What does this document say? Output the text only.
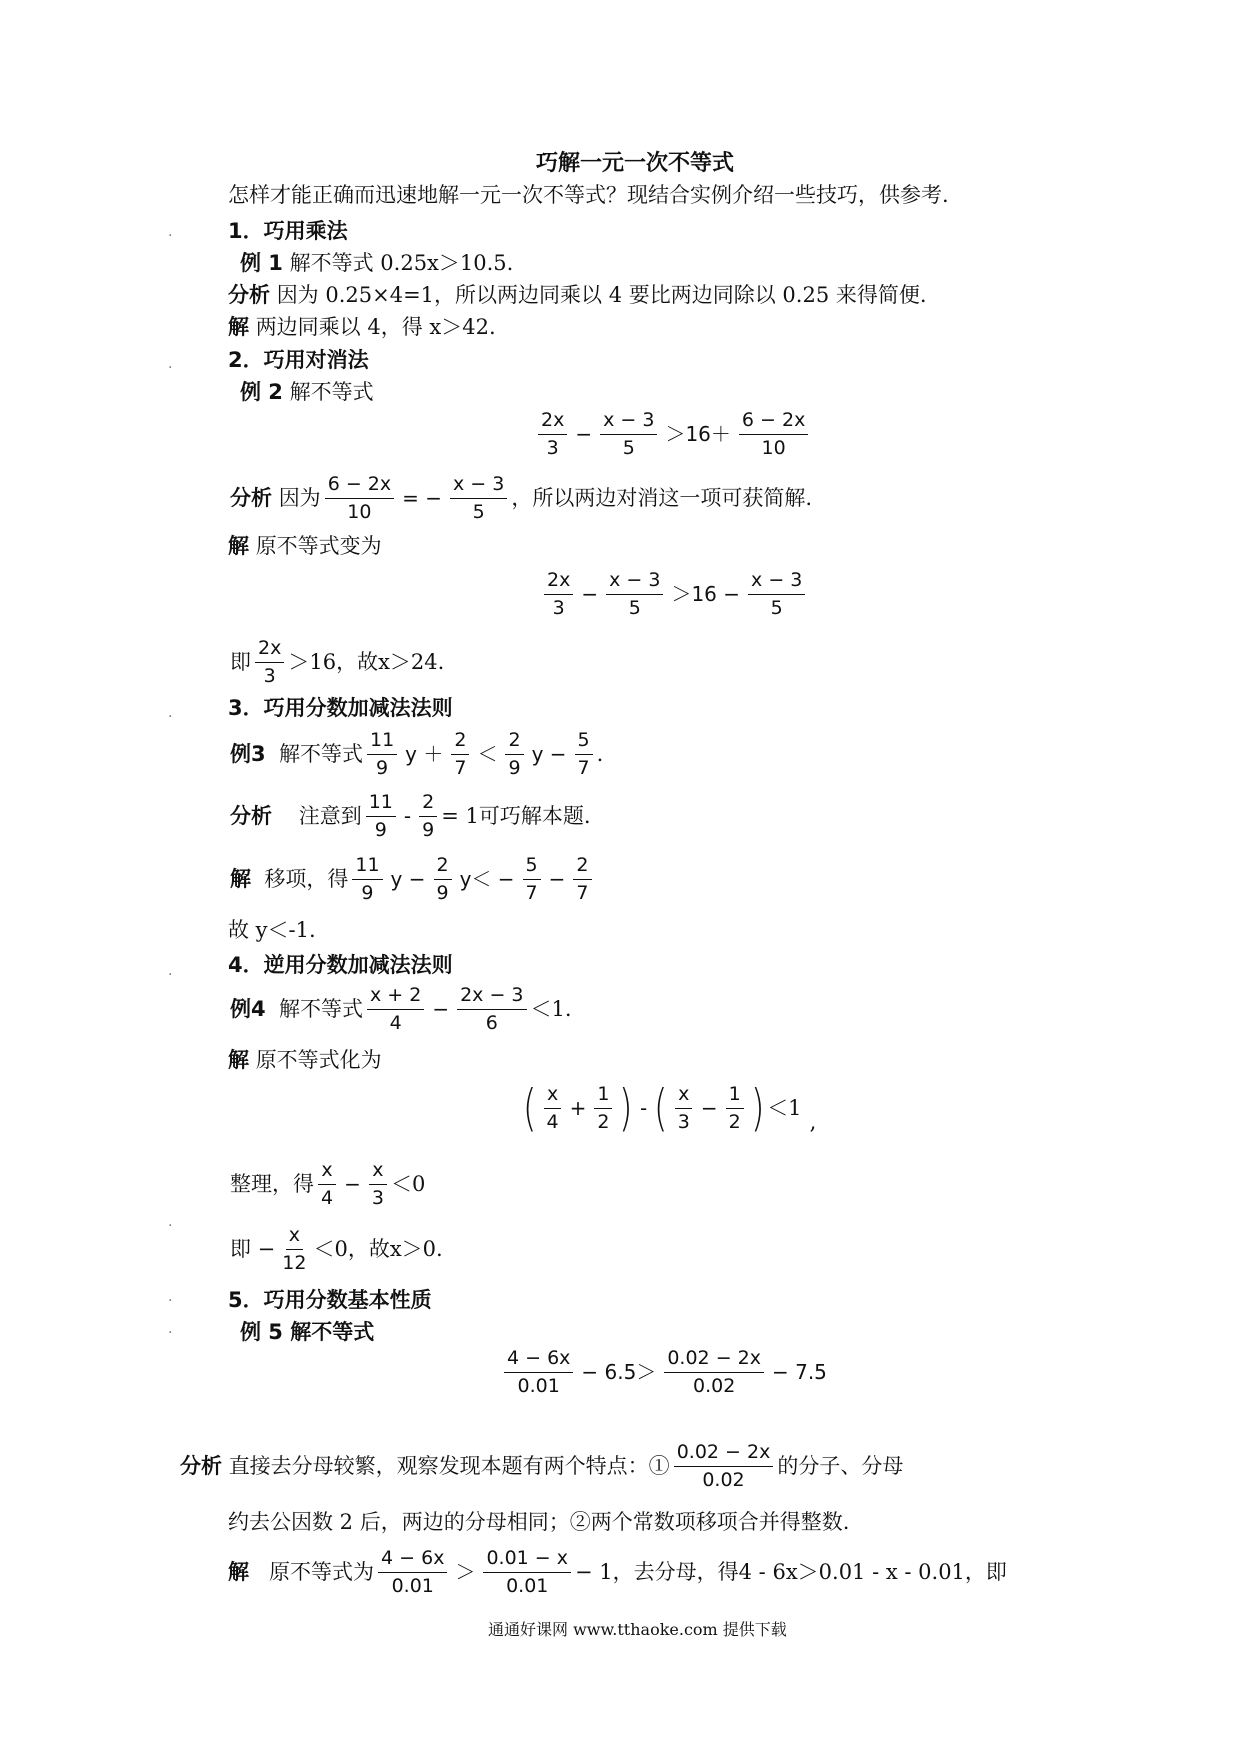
巧解一元一次不等式
怎样才能正确而迅速地解一元一次不等式？现结合实例介绍一些技巧，供参考.
.	1．巧用乘法
例 1 解不等式 0.25x＞10.5.
分析 因为 0.25×4=1，所以两边同乘以 4 要比两边同除以 0.25 来得简便.
解 两边同乘以 4，得 x＞42.
.	2．巧用对消法
例 2 解不等式
$\frac{2x}{3} - \frac{x - 3}{5} >16+ \frac{6 - 2x}{10}$
分析
因为 $\frac{6 - 2x}{10}$ = − $\frac{x - 3}{5}$ ，所以两边对消这一项可获简解.
解 原不等式变为
$\frac{2x}{3} - \frac{x - 3}{5} >16 - \frac{x - 3}{5}$
即 $\frac{2x}{3} >16$，故x＞24.
.	3．巧用分数加减法法则
例3
解不等式 $\frac{11}{9}$ $y + \frac{2}{7} < \frac{2}{9}$ $y - \frac{5}{7}$ .
分析
注意到 $\frac{11}{9} - \frac{2}{9} = 1$可巧解本题.
解
移项，得 $\frac{11}{9}$ $y - \frac{2}{9} y< - \frac{5}{7} - \frac{2}{7}$
故 y＜-1.
.	4．逆用分数加减法法则
例4
解不等式 $\frac{x + 2}{4} - \frac{2x - 3}{6} <1$.
解 原不等式化为
( $\frac{x}{4} + \frac{1}{2}$ ) - ( $\frac{x}{3} - \frac{1}{2}$ ) ＜1
,
整理，得 $\frac{x}{4} - \frac{x}{3} <0$
.
即 − $\frac{x}{12} <0$，故x＞0.
.	5．巧用分数基本性质
.	例 5 解不等式
$\frac{4 - 6x}{0.01} - 6.5> \frac{0.02 - 2x}{0.02} - 7.5$
分析
直接去分母较繁，观察发现本题有两个特点：① $\frac{0.02 - 2x}{0.02}$ 的分子、分母
约去公因数 2 后，两边的分母相同；②两个常数项移项合并得整数.
解
原不等式为 $\frac{4 - 6x}{0.01} > \frac{0.01 - x}{0.01} - 1$，去分母，得4 - 6x＞0.01 - x - 0.01，即
通通好课网 www.tthaoke.com 提供下载
